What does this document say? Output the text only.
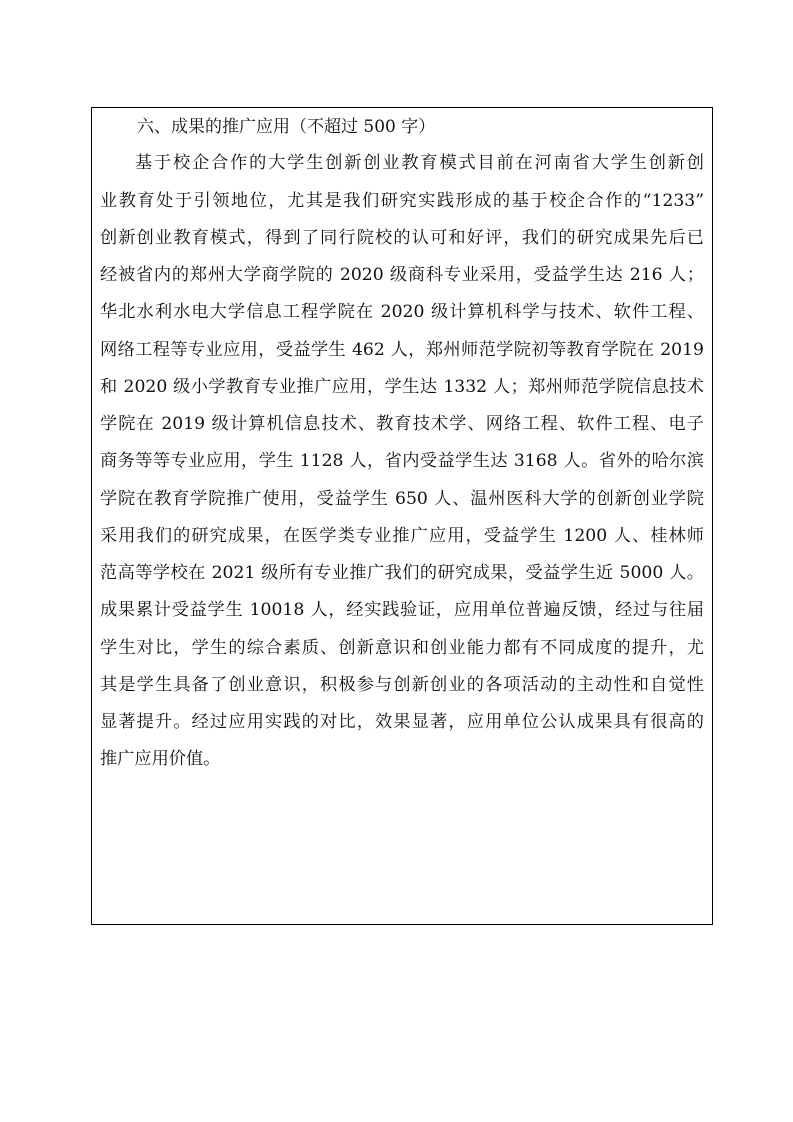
六、成果的推广应用（不超过 500 字）
基于校企合作的大学生创新创业教育模式目前在河南省大学生创新创
业教育处于引领地位，尤其是我们研究实践形成的基于校企合作的“1233”
创新创业教育模式，得到了同行院校的认可和好评，我们的研究成果先后已
经被省内的郑州大学商学院的 2020 级商科专业采用，受益学生达 216 人；
华北水利水电大学信息工程学院在 2020 级计算机科学与技术、软件工程、
网络工程等专业应用，受益学生 462 人，郑州师范学院初等教育学院在 2019
和 2020 级小学教育专业推广应用，学生达 1332 人；郑州师范学院信息技术
学院在 2019 级计算机信息技术、教育技术学、网络工程、软件工程、电子
商务等等专业应用，学生 1128 人，省内受益学生达 3168 人。省外的哈尔滨
学院在教育学院推广使用，受益学生 650 人、温州医科大学的创新创业学院
采用我们的研究成果，在医学类专业推广应用，受益学生 1200 人、桂林师
范高等学校在 2021 级所有专业推广我们的研究成果，受益学生近 5000 人。
成果累计受益学生 10018 人，经实践验证，应用单位普遍反馈，经过与往届
学生对比，学生的综合素质、创新意识和创业能力都有不同成度的提升，尤
其是学生具备了创业意识，积极参与创新创业的各项活动的主动性和自觉性
显著提升。经过应用实践的对比，效果显著，应用单位公认成果具有很高的
推广应用价值。
